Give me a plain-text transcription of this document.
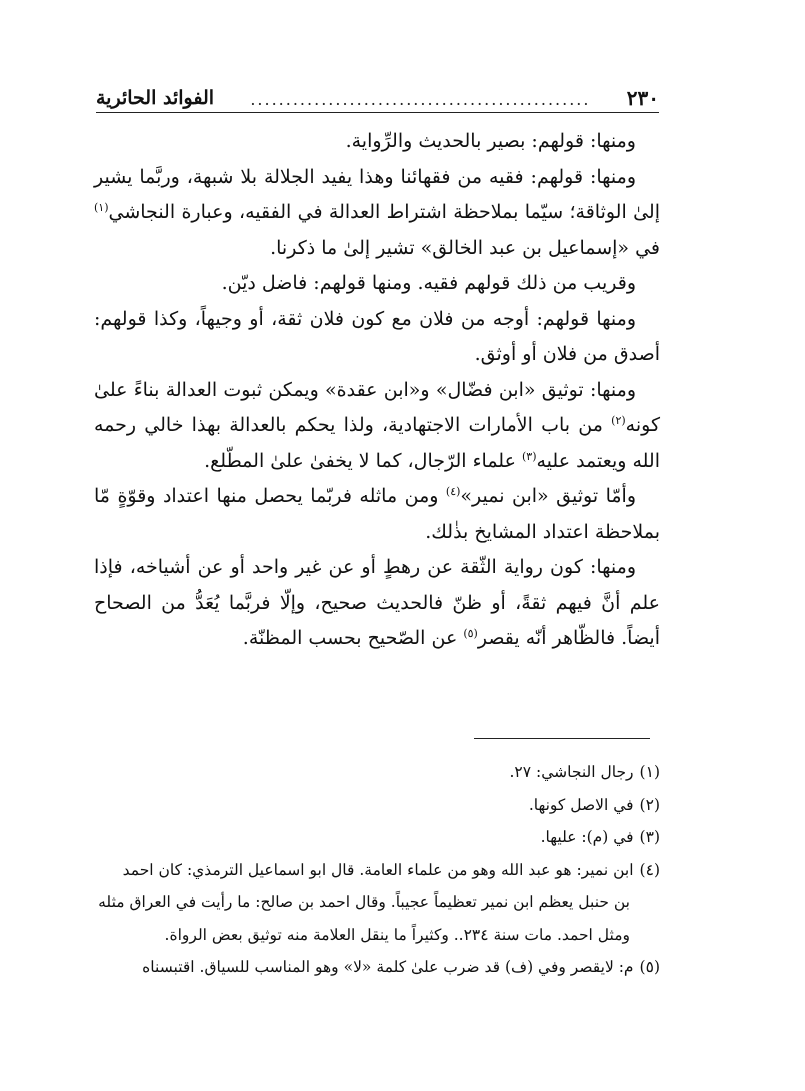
٢٣٠
................................................
الفوائد الحائرية

ومنها: قولهم: بصير بالحديث والرِّواية.

ومنها: قولهم: فقيه من فقهائنا وهذا يفيد الجلالة بلا شبهة، وربَّما يشير إلىٰ الوثاقة؛ سيّما بملاحظة اشتراط العدالة في الفقيه، وعبارة النجاشي$^{(١)}$ في «إسماعيل بن عبد الخالق» تشير إلىٰ ما ذكرنا.

وقريب من ذلك قولهم فقيه. ومنها قولهم: فاضل ديّن.

ومنها قولهم: أوجه من فلان مع كون فلان ثقة، أو وجيهاً، وكذا قولهم: أصدق من فلان أو أوثق.

ومنها: توثيق «ابن فضّال» و«ابن عقدة» ويمكن ثبوت العدالة بناءً علىٰ كونه$^{(٢)}$ من باب الأمارات الاجتهادية، ولذا يحكم بالعدالة بهذا خالي رحمه الله ويعتمد عليه$^{(٣)}$ علماء الرّجال، كما لا يخفىٰ علىٰ المطّلع.

وأمّا توثيق «ابن نمير»$^{(٤)}$ ومن ماثله فربّما يحصل منها اعتداد وقوّةٍ مّا بملاحظة اعتداد المشايخ بذٰلك.

ومنها: كون رواية الثّقة عن رهطٍ أو عن غير واحد أو عن أشياخه، فإذا علم أنَّ فيهم ثقةً، أو ظنّ فالحديث صحيح، وإلّا فربَّما يُعَدُّ من الصحاح أيضاً. فالظّاهر أنّه يقصر$^{(٥)}$ عن الصّحيح بحسب المظنّة.

(١)رجال النجاشي: ٢٧.

(٢)في الاصل كونها.

(٣)في (م): عليها.

(٤)ابن نمير: هو عبد الله وهو من علماء العامة. قال ابو اسماعيل الترمذي: كان احمد

بن حنبل يعظم ابن نمير تعظيماً عجيباً. وقال احمد بن صالح: ما رأيت في العراق مثله

ومثل احمد. مات سنة ٢٣٤.. وكثيراً ما ينقل العلامة منه توثيق بعض الرواة.

(٥)م: لايقصر وفي (ف) قد ضرب علىٰ كلمة «لا» وهو المناسب للسياق. اقتبسناه
